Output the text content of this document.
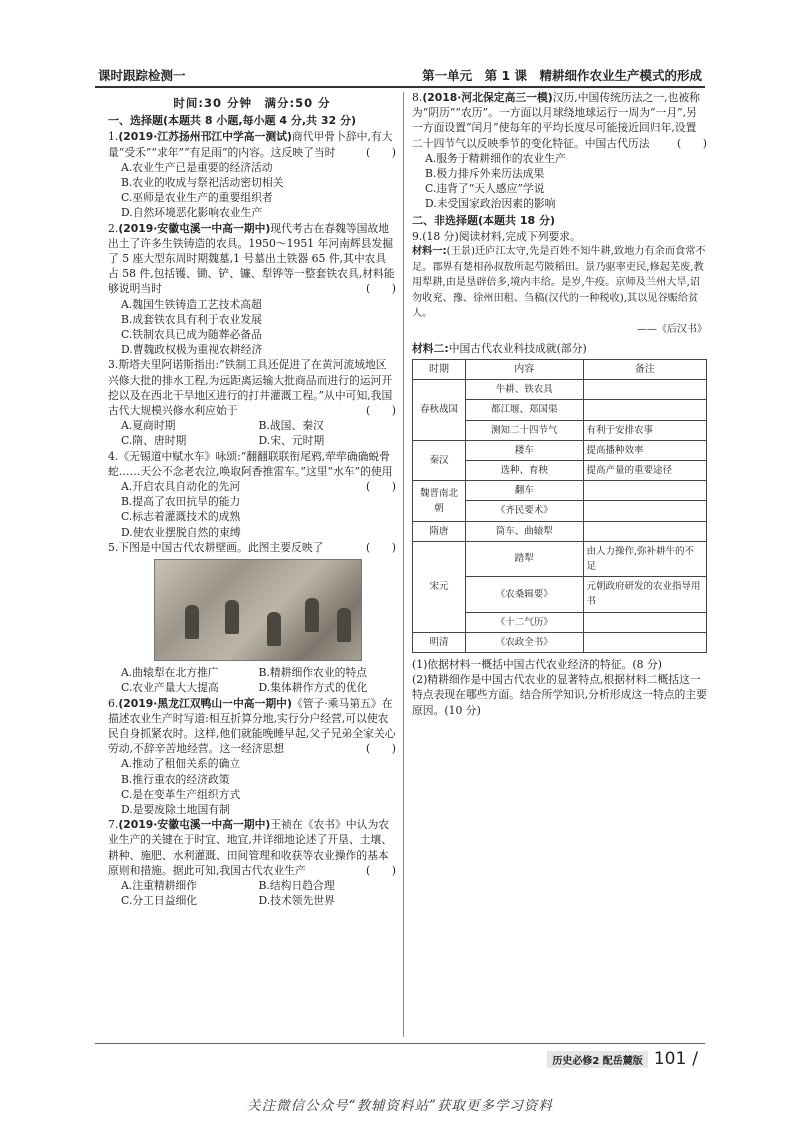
课时跟踪检测一	第一单元　第 1 课　精耕细作农业生产模式的形成
时间:30 分钟　满分:50 分
一、选择题(本题共 8 小题,每小题 4 分,共 32 分)
1.(2019·江苏扬州邗江中学高一测试)商代甲骨卜辞中,有大量“受禾”“求年”“有足雨”的内容。这反映了当时	(　　)
A.农业生产已是重要的经济活动
B.农业的收成与祭祀活动密切相关
C.巫师是农业生产的重要组织者
D.自然环境恶化影响农业生产
2.(2019·安徽屯溪一中高一期中)现代考古在春魏等国故地出土了许多生铁铸造的农具。1950～1951 年河南辉县发掘了 5 座大型东周时期魏墓,1 号墓出土铁器 65 件,其中农具占 58 件,包括镬、锄、铲、镰、犁铧等一整套铁农具,材料能够说明当时	(　　)
A.魏国生铁铸造工艺技术高超
B.成套铁农具有利于农业发展
C.铁制农具已成为随葬必备品
D.曹魏政权极为重视农耕经济
3.斯塔夫里阿诺斯指出:“铁制工具还促进了在黄河流域地区兴修大批的排水工程,为远距离运输大批商品而进行的运河开挖以及在西北干旱地区进行的打井灌溉工程。”从中可知,我国古代大规模兴修水利应始于	(　　)
A.夏商时期	B.战国、秦汉
C.隋、唐时期	D.宋、元时期
4.《无锡道中赋水车》咏颂:“翻翻联联衔尾鸦,荦荦确确蜕骨蛇……天公不念老农泣,唤取阿香推雷车。”这里“水车”的使用
(　　)
A.开启农具自动化的先河
B.提高了农田抗旱的能力
C.标志着灌溉技术的成熟
D.使农业摆脱自然的束缚
5.下图是中国古代农耕壁画。此图主要反映了	(　　)
A.曲辕犁在北方推广	B.精耕细作农业的特点
C.农业产量大大提高	D.集体耕作方式的优化
6.(2019·黑龙江双鸭山一中高一期中)《管子·乘马第五》在描述农业生产时写道:相互折算分地,实行分户经营,可以使农民自身抓紧农时。这样,他们就能晚睡早起,父子兄弟全家关心劳动,不辞辛苦地经营。这一经济思想	(　　)
A.推动了租佃关系的确立
B.推行重农的经济政策
C.是在变革生产组织方式
D.是要废除土地国有制
7.(2019·安徽屯溪一中高一期中)王祯在《农书》中认为农业生产的关键在于时宜、地宜,并详细地论述了开垦、土壤、耕种、施肥、水利灌溉、田间管理和收获等农业操作的基本原则和措施。据此可知,我国古代农业生产	(　　)
A.注重精耕细作	B.结构日趋合理
C.分工日益细化	D.技术领先世界
8.(2018·河北保定高三一模)汉历,中国传统历法之一,也被称为“阴历”“农历”。一方面以月球绕地球运行一周为“一月”,另一方面设置“闰月”使每年的平均长度尽可能接近回归年,设置二十四节气以反映季节的变化特征。中国古代历法	(　　)
A.服务于精耕细作的农业生产
B.极力排斥外来历法成果
C.违背了“天人感应”学说
D.未受国家政治因素的影响
二、非选择题(本题共 18 分)
9.(18 分)阅读材料,完成下列要求。
材料一:(王景)迁庐江太守,先是百姓不知牛耕,致地力有余而食常不足。郡界有楚相孙叔敖所起芍陂稻田。景乃驱率吏民,修起芜废,教用犁耕,由是垦辟倍多,境内丰给。是岁,牛疫。京师及兰州大旱,诏勿收兖、豫、徐州田租、刍稿(汉代的一种税收),其以见谷赈给贫人。
——《后汉书》
材料二:中国古代农业科技成就(部分)
时期	内容	备注
春秋战国	牛耕、铁农具	
	都江堰、郑国渠	
	测知二十四节气	有利于安排农事
秦汉	耧车	提高播种效率
	选种、育秧	提高产量的重要途径
魏晋南北朝	翻车	
	《齐民要术》	
隋唐	筒车、曲辕犁	
宋元	踏犁	由人力操作,弥补耕牛的不足
	《农桑辑要》	元朝政府研发的农业指导用书
	《十二气历》	
明清	《农政全书》	
(1)依据材料一概括中国古代农业经济的特征。(8 分)
(2)精耕细作是中国古代农业的显著特点,根据材料二概括这一特点表现在哪些方面。结合所学知识,分析形成这一特点的主要原因。(10 分)
历史必修2 配岳麓版 101 /
关注微信公众号“教辅资料站”获取更多学习资料
